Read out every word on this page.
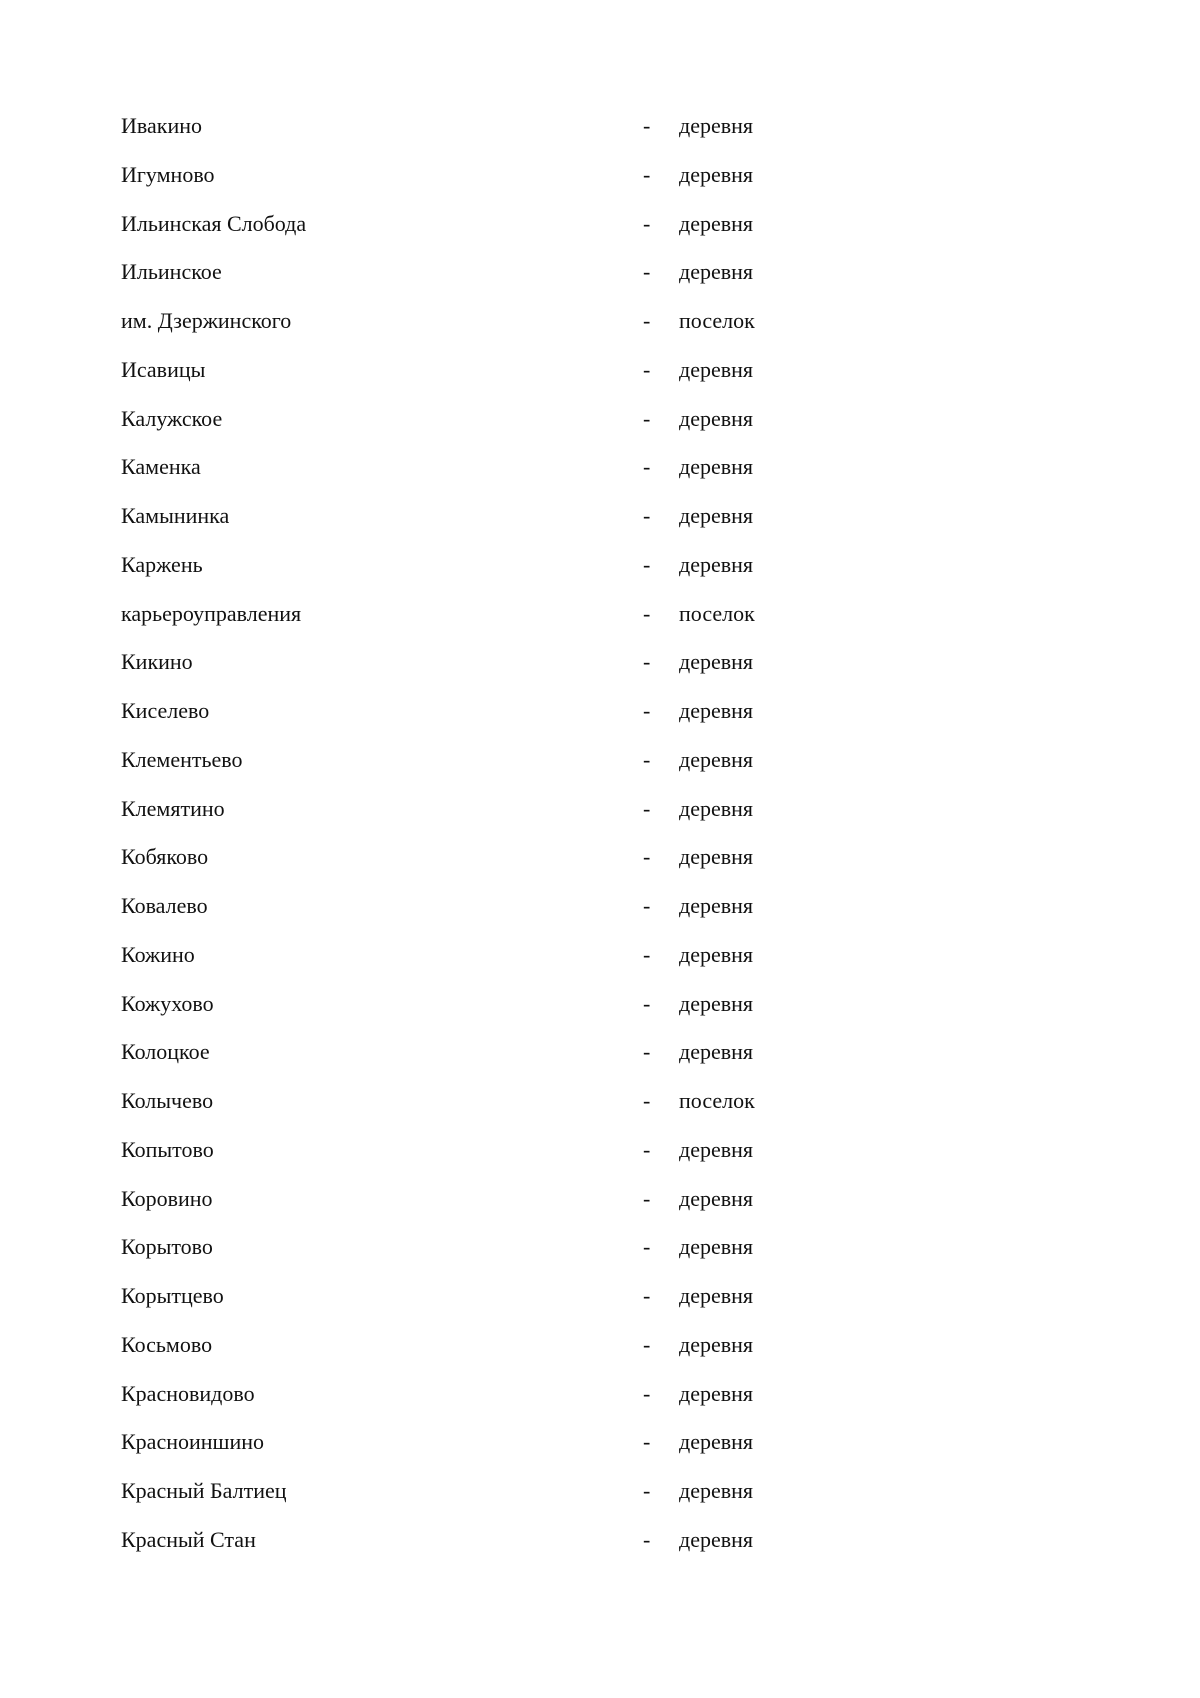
Ивакино	- деревня
Игумново	- деревня
Ильинская Слобода	- деревня
Ильинское	- деревня
им. Дзержинского	- поселок
Исавицы	- деревня
Калужское	- деревня
Каменка	- деревня
Камынинка	- деревня
Каржень	- деревня
карьероуправления	- поселок
Кикино	- деревня
Киселево	- деревня
Клементьево	- деревня
Клемятино	- деревня
Кобяково	- деревня
Ковалево	- деревня
Кожино	- деревня
Кожухово	- деревня
Колоцкое	- деревня
Колычево	- поселок
Копытово	- деревня
Коровино	- деревня
Корытово	- деревня
Корытцево	- деревня
Косьмово	- деревня
Красновидово	- деревня
Красноиншино	- деревня
Красный Балтиец	- деревня
Красный Стан	- деревня
